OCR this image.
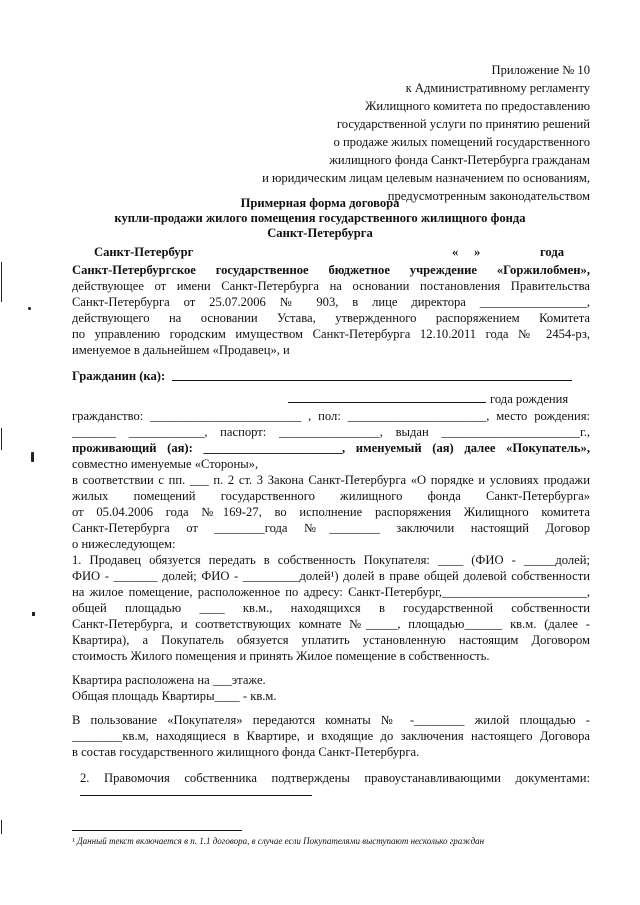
Приложение № 10
к Административному регламенту
Жилищного комитета по предоставлению
государственной услуги по принятию решений
о продаже жилых помещений государственного
жилищного фонда Санкт-Петербурга гражданам
и юридическим лицам целевым назначением по основаниям,
предусмотренным законодательством
Примерная форма договора
купли-продажи жилого помещения государственного жилищного фонда
Санкт-Петербурга
Санкт-Петербург	«     »	года
Санкт-Петербургское государственное бюджетное учреждение «Горжилобмен»,
действующее от имени Санкт-Петербурга на основании постановления Правительства
Санкт-Петербурга от 25.07.2006 № 903, в лице директора _________________,
действующего на основании Устава, утвержденного распоряжением Комитета
по управлению городским имуществом Санкт-Петербурга 12.10.2011 года № 2454-рз,
именуемое в дальнейшем «Продавец», и
Гражданин (ка):
года рождения
гражданство: ________________________ , пол: ______________________, место рождения:
_______ ____________, паспорт: ________________, выдан ______________________г.,
проживающий (ая): ______________________, именуемый (ая) далее «Покупатель»,
совместно именуемые «Стороны»,
в соответствии с пп. ___ п. 2 ст. 3 Закона Санкт-Петербурга «О порядке и условиях продажи
жилых помещений государственного жилищного фонда Санкт-Петербурга»
от 05.04.2006 года №169-27, во исполнение распоряжения Жилищного комитета
Санкт-Петербурга от ________года №________ заключили настоящий Договор
о нижеследующем:
1. Продавец обязуется передать в собственность Покупателя: ____ (ФИО - _____долей;
ФИО - _______ долей; ФИО - _________долей¹) долей в праве общей долевой собственности
на жилое помещение, расположенное по адресу: Санкт-Петербург,_______________________,
общей площадью ____ кв.м., находящихся в государственной собственности
Санкт-Петербурга, и соответствующих комнате №_____, площадью______ кв.м. (далее -
Квартира), а Покупатель обязуется уплатить установленную настоящим Договором
стоимость Жилого помещения и принять Жилое помещение в собственность.
Квартира расположена на ___этаже.
Общая площадь Квартиры____ - кв.м.
В пользование «Покупателя» передаются комнаты № -________ жилой площадью -
________кв.м, находящиеся в Квартире, и входящие до заключения настоящего Договора
в состав государственного жилищного фонда Санкт-Петербурга.
2. Правомочия собственника подтверждены правоустанавливающими документами:
¹ Данный текст включается в п. 1.1 договора, в случае если Покупателями выступают несколько граждан
